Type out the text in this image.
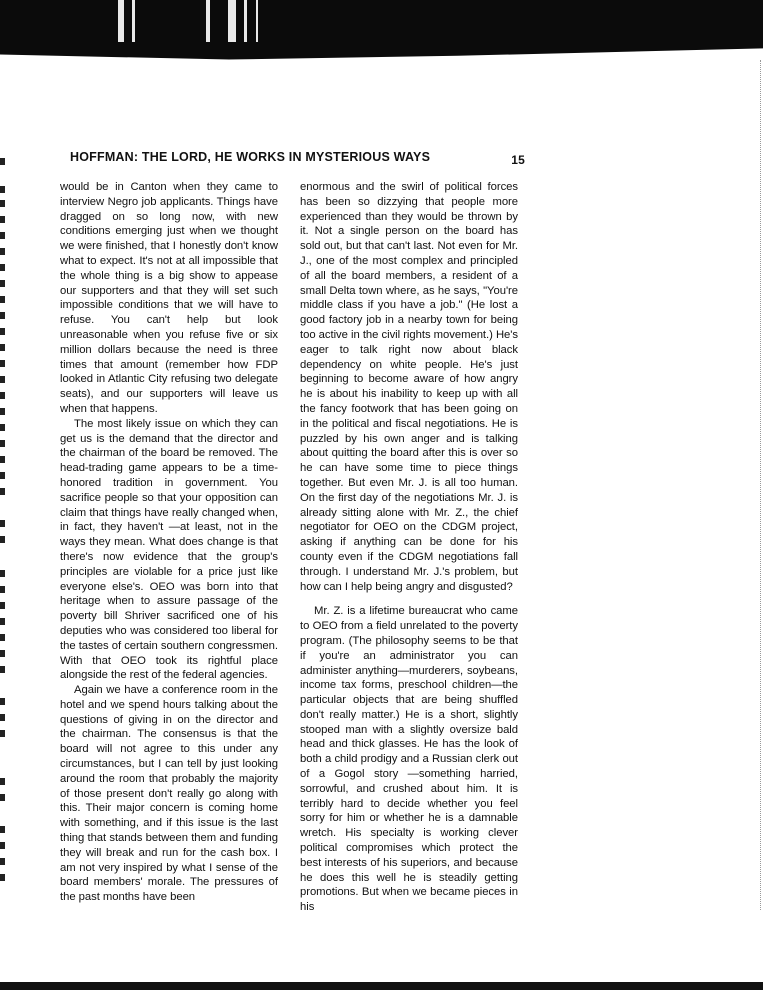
HOFFMAN: THE LORD, HE WORKS IN MYSTERIOUS WAYS	15

would be in Canton when they came to interview Negro job applicants. Things have dragged on so long now, with new conditions emerging just when we thought we were finished, that I honestly don't know what to expect. It's not at all impossible that the whole thing is a big show to appease our supporters and that they will set such impossible conditions that we will have to refuse. You can't help but look unreasonable when you refuse five or six million dollars because the need is three times that amount (remember how FDP looked in Atlantic City refusing two delegate seats), and our supporters will leave us when that happens.

The most likely issue on which they can get us is the demand that the director and the chairman of the board be removed. The head-trading game appears to be a time-honored tradition in government. You sacrifice people so that your opposition can claim that things have really changed when, in fact, they haven't —at least, not in the ways they mean. What does change is that there's now evidence that the group's principles are violable for a price just like everyone else's. OEO was born into that heritage when to assure passage of the poverty bill Shriver sacrificed one of his deputies who was considered too liberal for the tastes of certain southern congressmen. With that OEO took its rightful place alongside the rest of the federal agencies.

Again we have a conference room in the hotel and we spend hours talking about the questions of giving in on the director and the chairman. The consensus is that the board will not agree to this under any circumstances, but I can tell by just looking around the room that probably the majority of those present don't really go along with this. Their major concern is coming home with something, and if this issue is the last thing that stands between them and funding they will break and run for the cash box. I am not very inspired by what I sense of the board members' morale. The pressures of the past months have been

enormous and the swirl of political forces has been so dizzying that people more experienced than they would be thrown by it. Not a single person on the board has sold out, but that can't last. Not even for Mr. J., one of the most complex and principled of all the board members, a resident of a small Delta town where, as he says, "You're middle class if you have a job." (He lost a good factory job in a nearby town for being too active in the civil rights movement.) He's eager to talk right now about black dependency on white people. He's just beginning to become aware of how angry he is about his inability to keep up with all the fancy footwork that has been going on in the political and fiscal negotiations. He is puzzled by his own anger and is talking about quitting the board after this is over so he can have some time to piece things together. But even Mr. J. is all too human. On the first day of the negotiations Mr. J. is already sitting alone with Mr. Z., the chief negotiator for OEO on the CDGM project, asking if anything can be done for his county even if the CDGM negotiations fall through. I understand Mr. J.'s problem, but how can I help being angry and disgusted?

Mr. Z. is a lifetime bureaucrat who came to OEO from a field unrelated to the poverty program. (The philosophy seems to be that if you're an administrator you can administer anything—murderers, soybeans, income tax forms, preschool children—the particular objects that are being shuffled don't really matter.) He is a short, slightly stooped man with a slightly oversize bald head and thick glasses. He has the look of both a child prodigy and a Russian clerk out of a Gogol story —something harried, sorrowful, and crushed about him. It is terribly hard to decide whether you feel sorry for him or whether he is a damnable wretch. His specialty is working clever political compromises which protect the best interests of his superiors, and because he does this well he is steadily getting promotions. But when we became pieces in his
